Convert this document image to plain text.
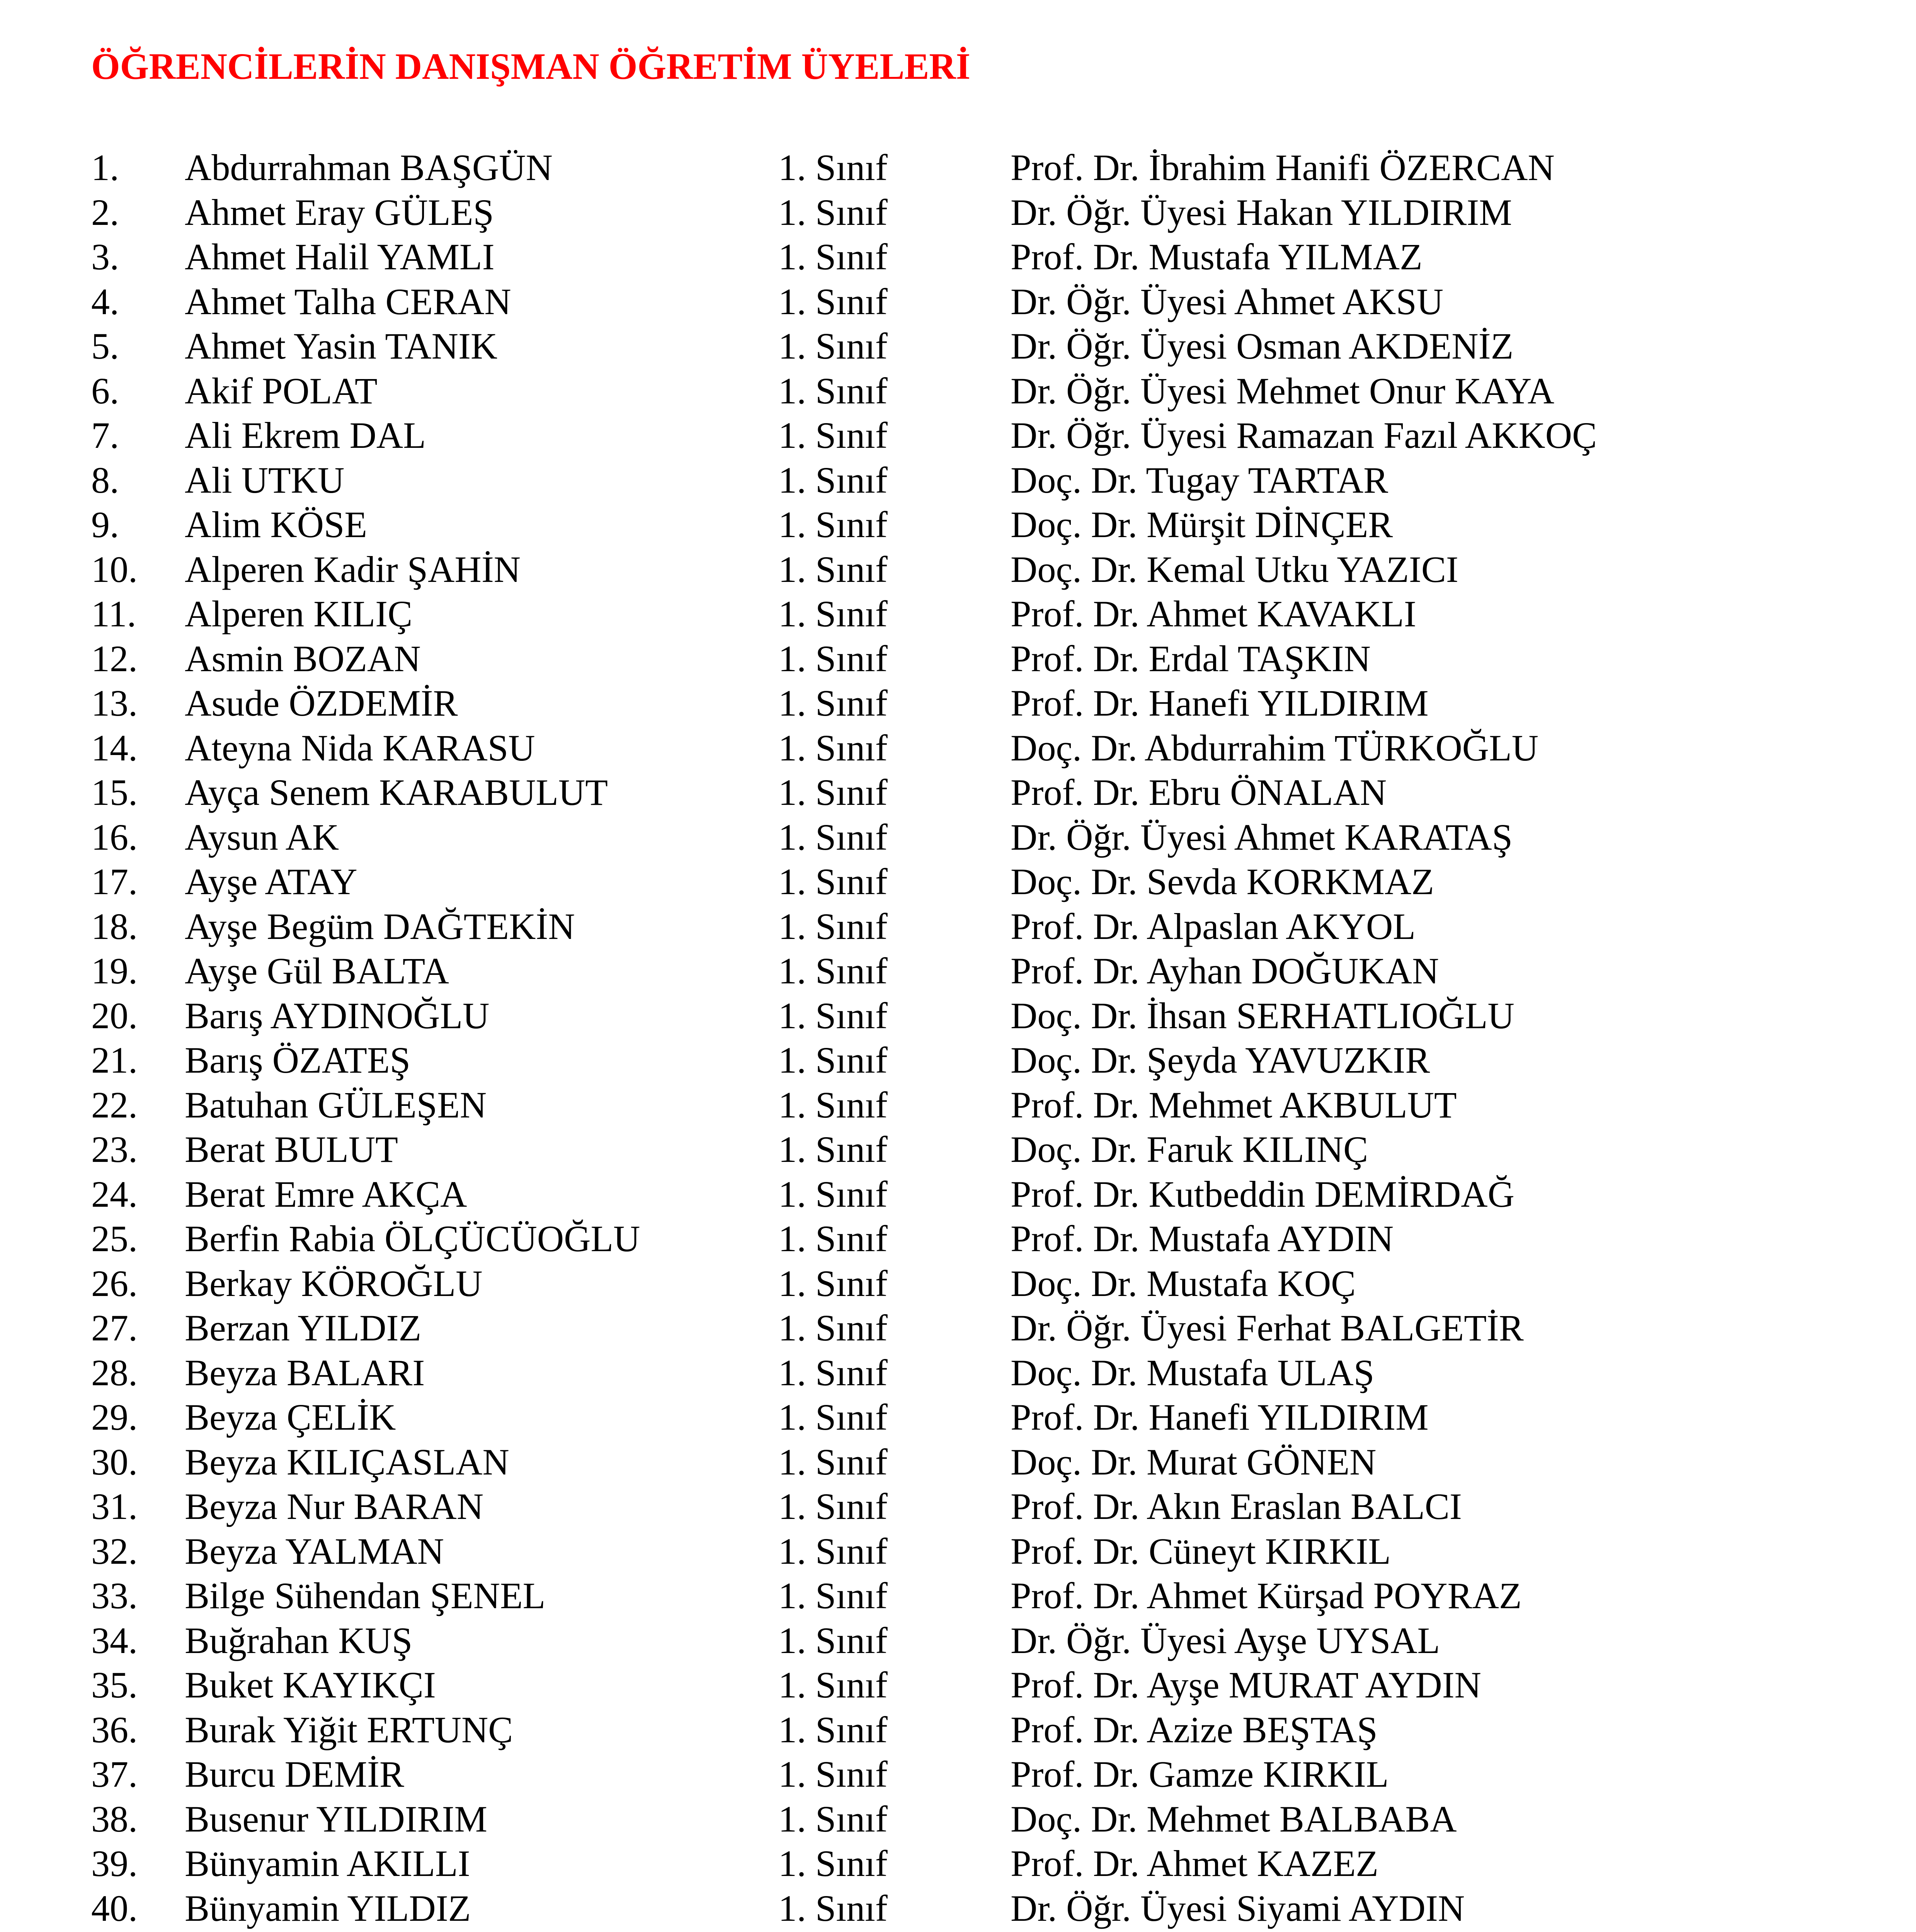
ÖĞRENCİLERİN DANIŞMAN ÖĞRETİM ÜYELERİ
1. Abdurrahman BAŞGÜN	1. Sınıf	Prof. Dr. İbrahim Hanifi ÖZERCAN
2. Ahmet Eray GÜLEŞ	1. Sınıf	Dr. Öğr. Üyesi Hakan YILDIRIM
3. Ahmet Halil YAMLI	1. Sınıf	Prof. Dr. Mustafa YILMAZ
4. Ahmet Talha CERAN	1. Sınıf	Dr. Öğr. Üyesi Ahmet AKSU
5. Ahmet Yasin TANIK	1. Sınıf	Dr. Öğr. Üyesi Osman AKDENİZ
6. Akif POLAT	1. Sınıf	Dr. Öğr. Üyesi Mehmet Onur KAYA
7. Ali Ekrem DAL	1. Sınıf	Dr. Öğr. Üyesi Ramazan Fazıl AKKOÇ
8. Ali UTKU	1. Sınıf	Doç. Dr. Tugay TARTAR
9. Alim KÖSE	1. Sınıf	Doç. Dr. Mürşit DİNÇER
10. Alperen Kadir ŞAHİN	1. Sınıf	Doç. Dr. Kemal Utku YAZICI
11. Alperen KILIÇ	1. Sınıf	Prof. Dr. Ahmet KAVAKLI
12. Asmin BOZAN	1. Sınıf	Prof. Dr. Erdal TAŞKIN
13. Asude ÖZDEMİR	1. Sınıf	Prof. Dr. Hanefi YILDIRIM
14. Ateyna Nida KARASU	1. Sınıf	Doç. Dr. Abdurrahim TÜRKOĞLU
15. Ayça Senem KARABULUT	1. Sınıf	Prof. Dr. Ebru ÖNALAN
16. Aysun AK	1. Sınıf	Dr. Öğr. Üyesi Ahmet KARATAŞ
17. Ayşe ATAY	1. Sınıf	Doç. Dr. Sevda KORKMAZ
18. Ayşe Begüm DAĞTEKİN	1. Sınıf	Prof. Dr. Alpaslan AKYOL
19. Ayşe Gül BALTA	1. Sınıf	Prof. Dr. Ayhan DOĞUKAN
20. Barış AYDINOĞLU	1. Sınıf	Doç. Dr. İhsan SERHATLIOĞLU
21. Barış ÖZATEŞ	1. Sınıf	Doç. Dr. Şeyda YAVUZKIR
22. Batuhan GÜLEŞEN	1. Sınıf	Prof. Dr. Mehmet AKBULUT
23. Berat BULUT	1. Sınıf	Doç. Dr. Faruk KILINÇ
24. Berat Emre AKÇA	1. Sınıf	Prof. Dr. Kutbeddin DEMİRDAĞ
25. Berfin Rabia ÖLÇÜCÜOĞLU	1. Sınıf	Prof. Dr. Mustafa AYDIN
26. Berkay KÖROĞLU	1. Sınıf	Doç. Dr. Mustafa KOÇ
27. Berzan YILDIZ	1. Sınıf	Dr. Öğr. Üyesi Ferhat BALGETİR
28. Beyza BALARI	1. Sınıf	Doç. Dr. Mustafa ULAŞ
29. Beyza ÇELİK	1. Sınıf	Prof. Dr. Hanefi YILDIRIM
30. Beyza KILIÇASLAN	1. Sınıf	Doç. Dr. Murat GÖNEN
31. Beyza Nur BARAN	1. Sınıf	Prof. Dr. Akın Eraslan BALCI
32. Beyza YALMAN	1. Sınıf	Prof. Dr. Cüneyt KIRKIL
33. Bilge Sühendan ŞENEL	1. Sınıf	Prof. Dr. Ahmet Kürşad POYRAZ
34. Buğrahan KUŞ	1. Sınıf	Dr. Öğr. Üyesi Ayşe UYSAL
35. Buket KAYIKÇI	1. Sınıf	Prof. Dr. Ayşe MURAT AYDIN
36. Burak Yiğit ERTUNÇ	1. Sınıf	Prof. Dr. Azize BEŞTAŞ
37. Burcu DEMİR	1. Sınıf	Prof. Dr. Gamze KIRKIL
38. Busenur YILDIRIM	1. Sınıf	Doç. Dr. Mehmet BALBABA
39. Bünyamin AKILLI	1. Sınıf	Prof. Dr. Ahmet KAZEZ
40. Bünyamin YILDIZ	1. Sınıf	Dr. Öğr. Üyesi Siyami AYDIN
